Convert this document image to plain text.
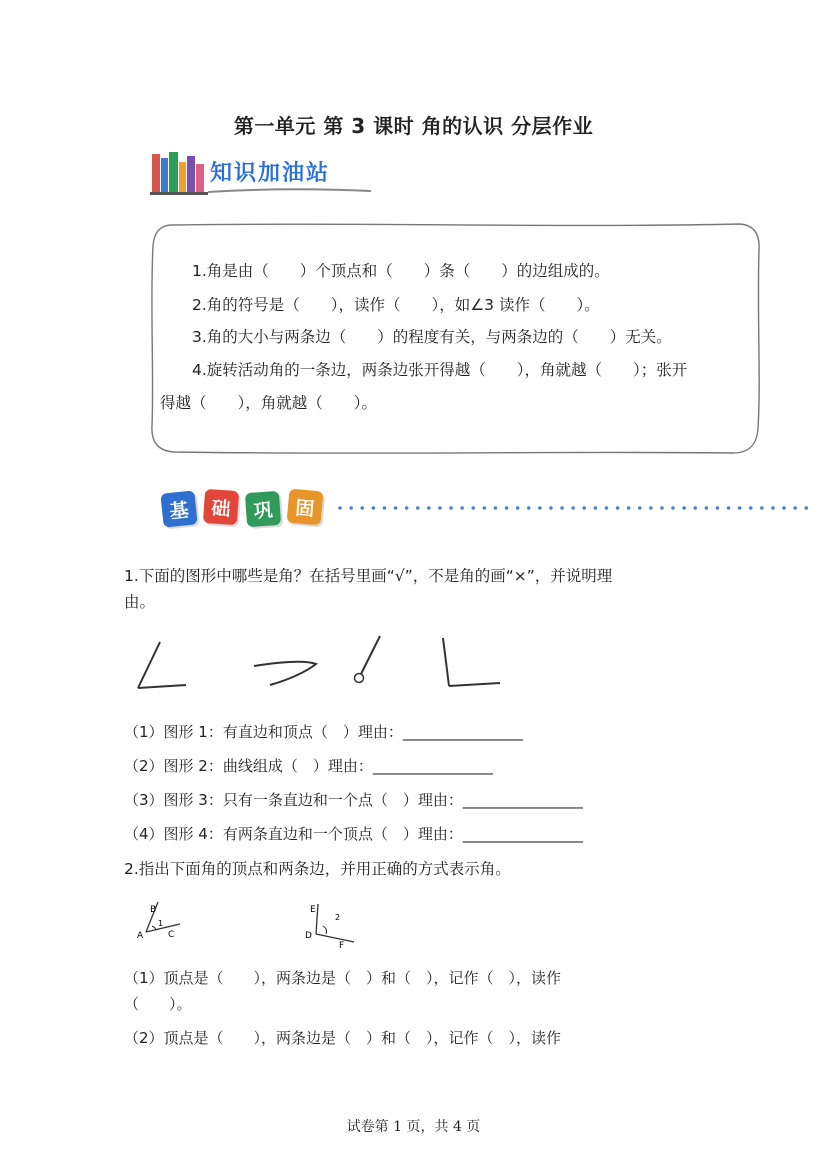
第一单元 第 3 课时 角的认识 分层作业
知识加油站
1.角是由（　　）个顶点和（　　）条（　　）的边组成的。
2.角的符号是（　　），读作（　　），如∠3 读作（　　）。
3.角的大小与两条边（　　）的程度有关，与两条边的（　　）无关。
4.旋转活动角的一条边，两条边张开得越（　　），角就越（　　）；张开
得越（　　），角就越（　　）。
基	础	巩	固
1.下面的图形中哪些是角？在括号里画“√”，不是角的画“×”，并说明理
由。
（1）图形 1：有直边和顶点（　）理由：________________
（2）图形 2：曲线组成（　）理由：________________
（3）图形 3：只有一条直边和一个点（　）理由：________________
（4）图形 4：有两条直边和一个顶点（　）理由：________________
2.指出下面角的顶点和两条边，并用正确的方式表示角。
B
A	C
1
E
D
F
2
（1）顶点是（　　），两条边是（　）和（　），记作（　），读作
（　　）。
（2）顶点是（　　），两条边是（　）和（　），记作（　），读作
试卷第 1 页，共 4 页
